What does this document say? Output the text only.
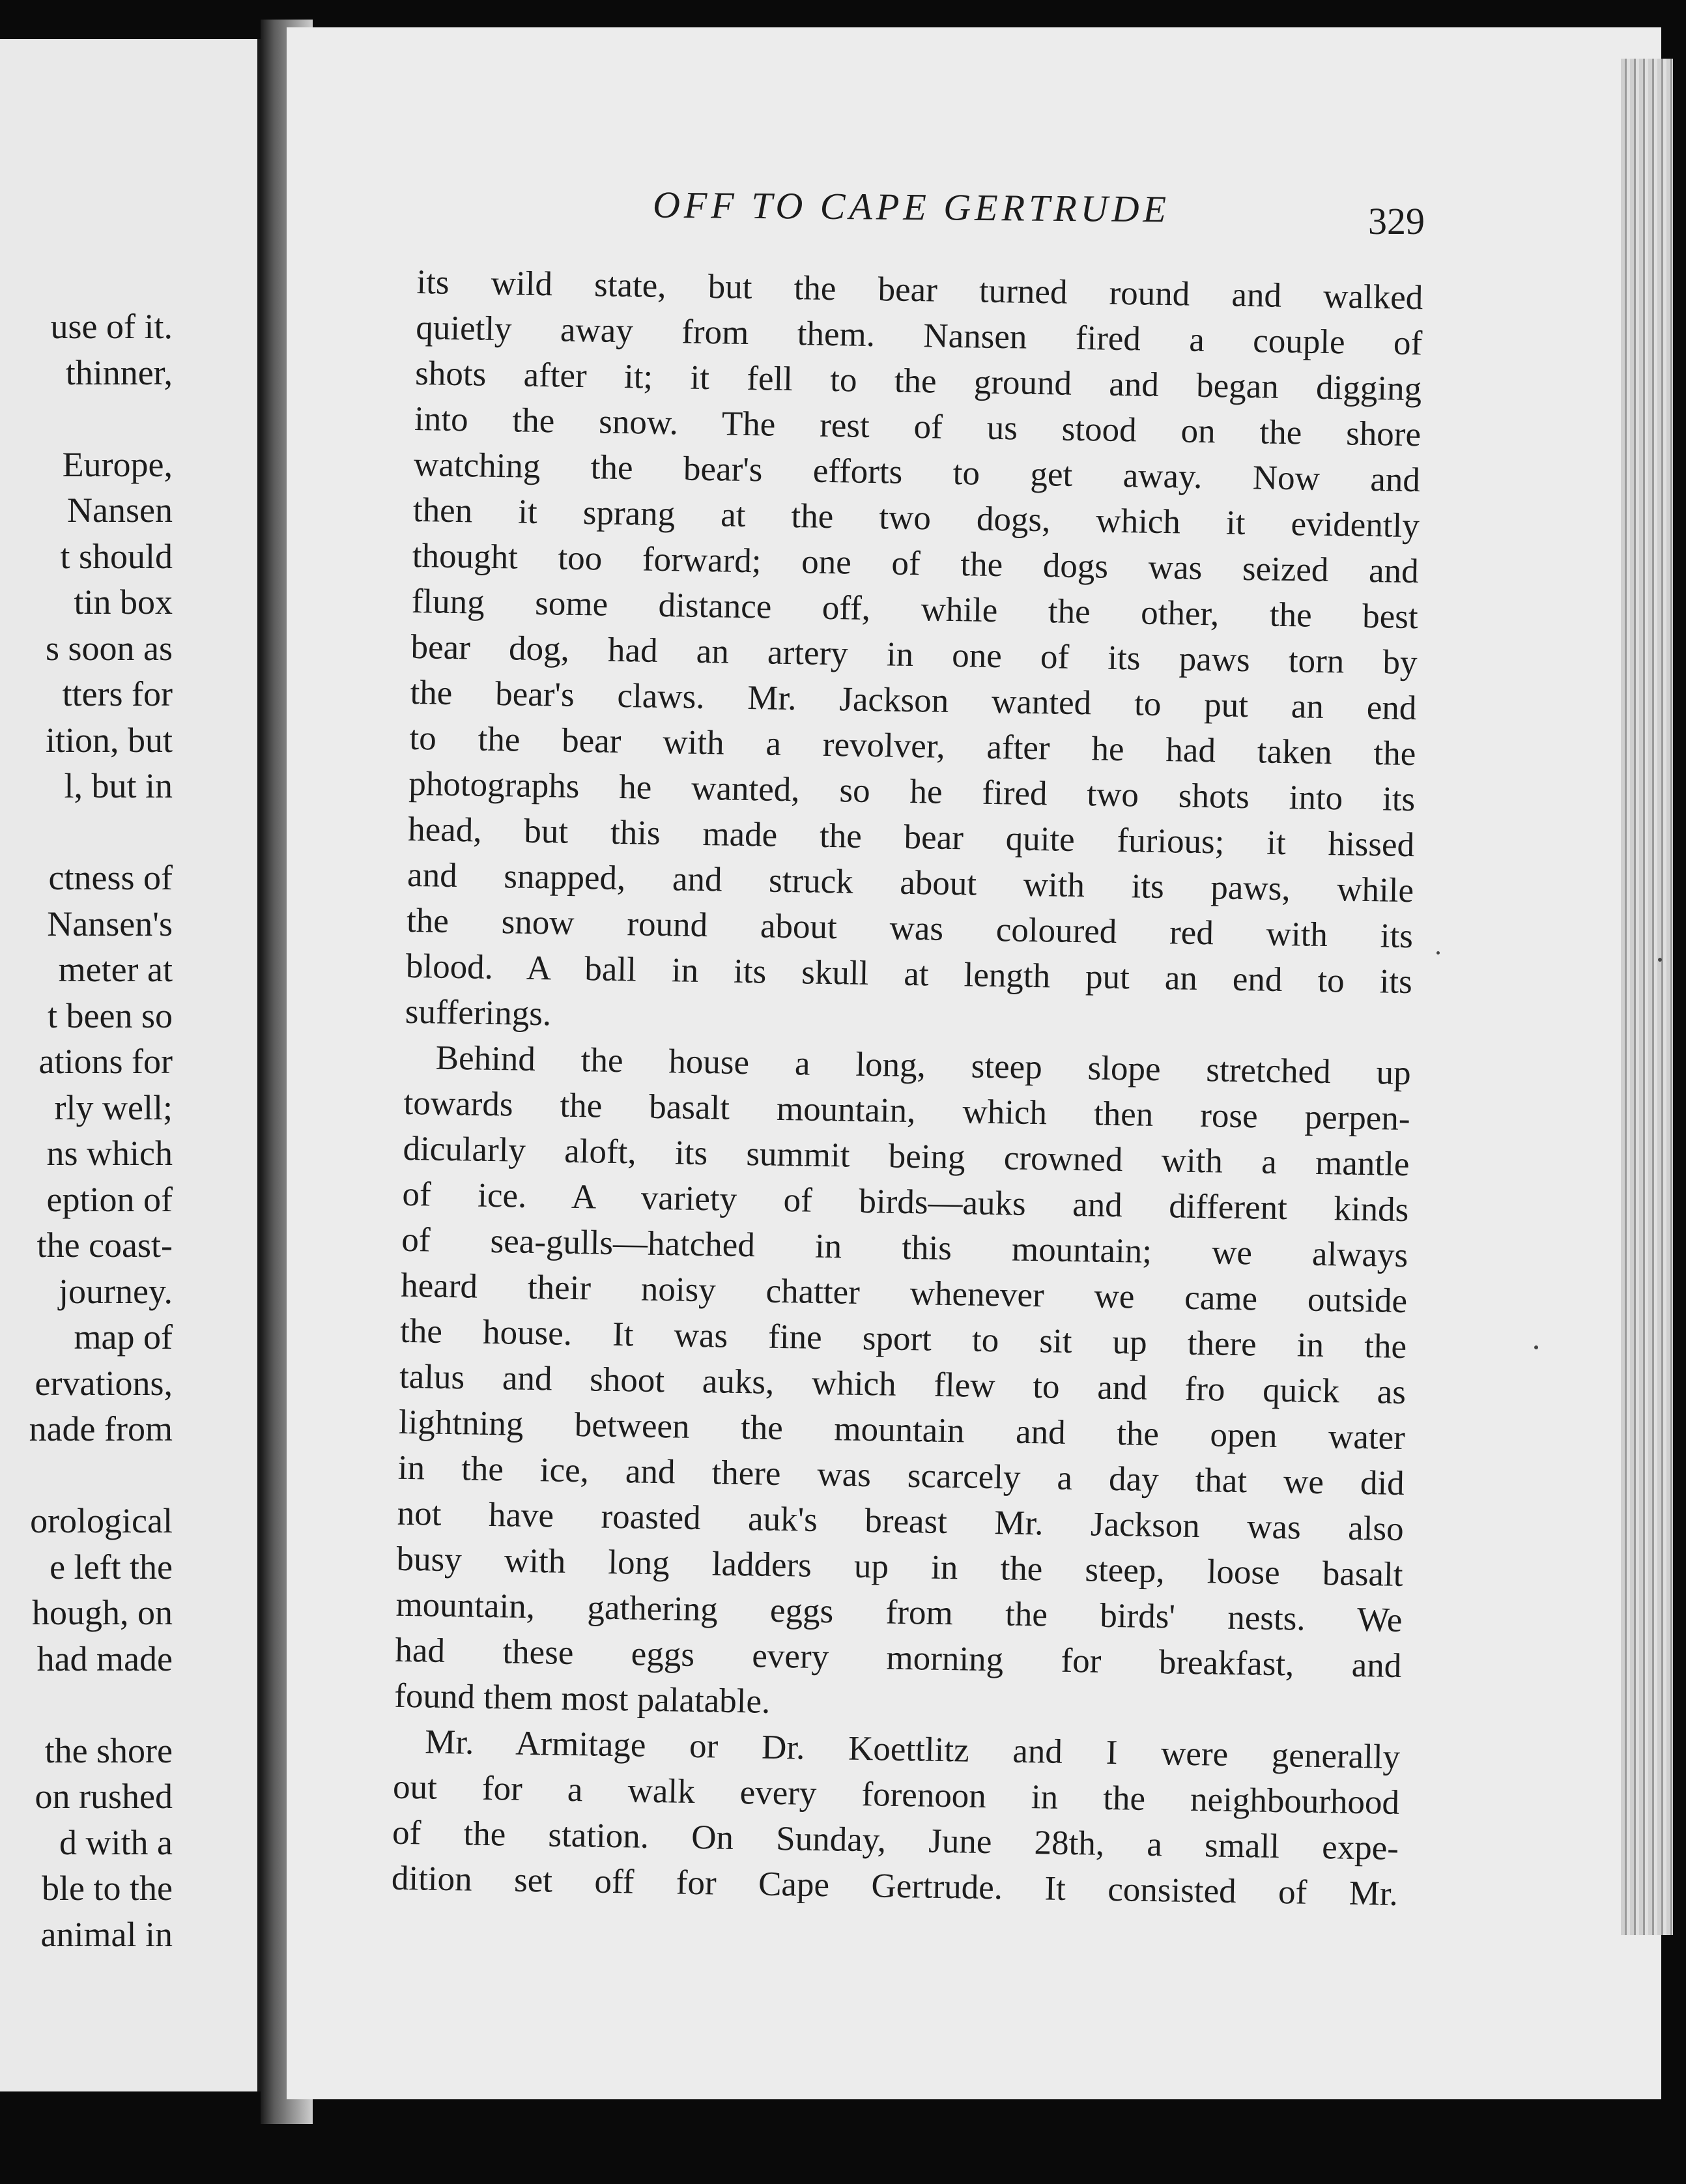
use of it.
thinner,
Europe,
Nansen
t should
tin box
s soon as
tters for
ition, but
l, but in
ctness of
Nansen's
meter at
t been so
ations for
rly well;
ns which
eption of
the coast-
journey.
map of
ervations,
nade from
orological
e left the
hough, on
had made
the shore
on rushed
d with a
ble to the
animal in
OFF TO CAPE GERTRUDE	329
its wild state, but the bear turned round and walked
quietly away from them. Nansen fired a couple of
shots after it; it fell to the ground and began digging
into the snow. The rest of us stood on the shore
watching the bear's efforts to get away. Now and
then it sprang at the two dogs, which it evidently
thought too forward; one of the dogs was seized and
flung some distance off, while the other, the best
bear dog, had an artery in one of its paws torn by
the bear's claws. Mr. Jackson wanted to put an end
to the bear with a revolver, after he had taken the
photographs he wanted, so he fired two shots into its
head, but this made the bear quite furious; it hissed
and snapped, and struck about with its paws, while
the snow round about was coloured red with its
blood. A ball in its skull at length put an end to its
sufferings.
Behind the house a long, steep slope stretched up
towards the basalt mountain, which then rose perpen-
dicularly aloft, its summit being crowned with a mantle
of ice. A variety of birds—auks and different kinds
of sea-gulls—hatched in this mountain; we always
heard their noisy chatter whenever we came outside
the house. It was fine sport to sit up there in the
talus and shoot auks, which flew to and fro quick as
lightning between the mountain and the open water
in the ice, and there was scarcely a day that we did
not have roasted auk's breast Mr. Jackson was also
busy with long ladders up in the steep, loose basalt
mountain, gathering eggs from the birds' nests. We
had these eggs every morning for breakfast, and
found them most palatable.
Mr. Armitage or Dr. Koettlitz and I were generally
out for a walk every forenoon in the neighbourhood
of the station. On Sunday, June 28th, a small expe-
dition set off for Cape Gertrude. It consisted of Mr.
